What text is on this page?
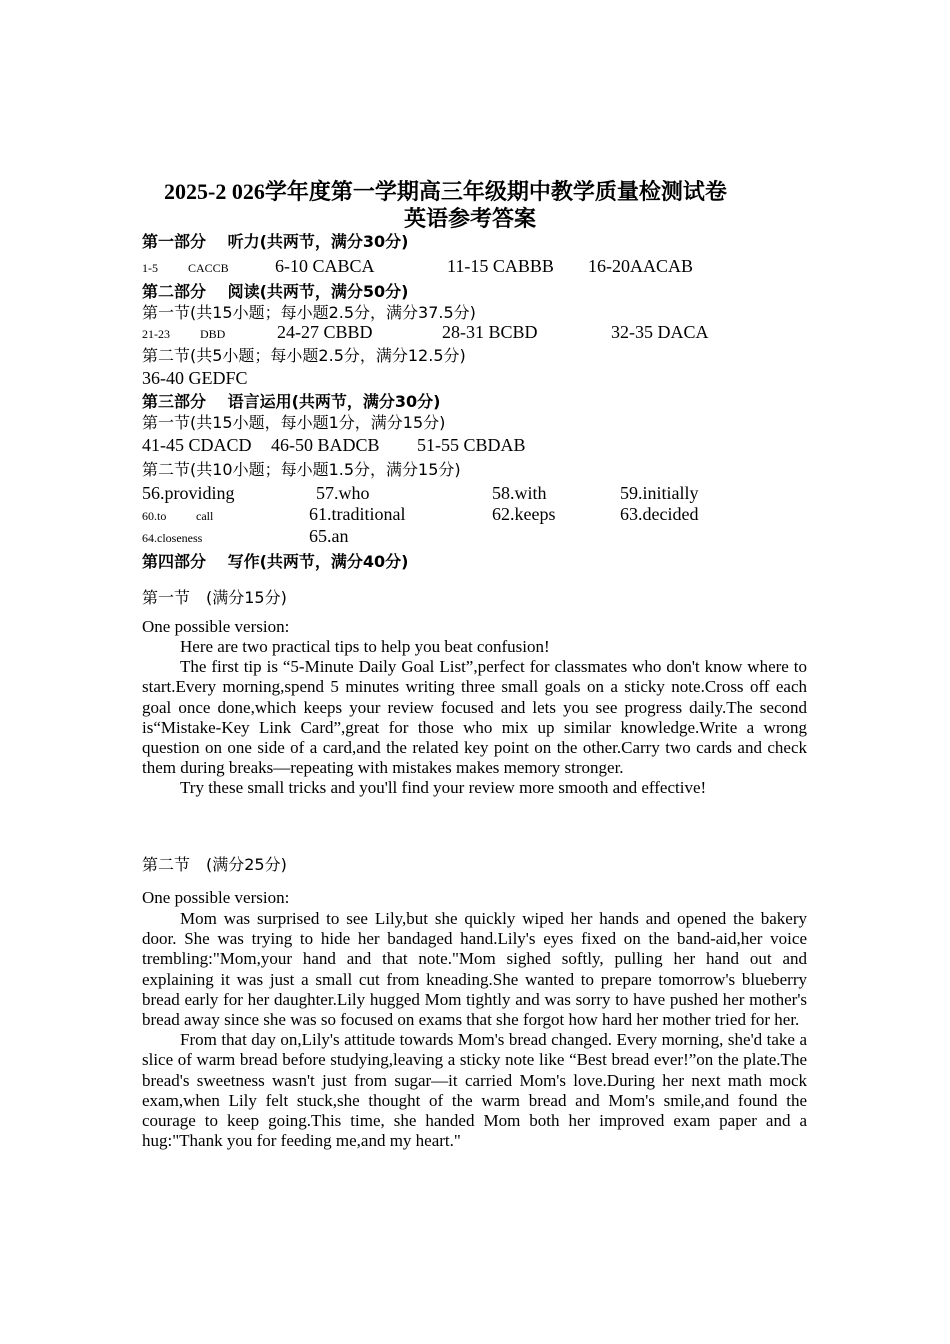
2025-2 026学年度第一学期高三年级期中教学质量检测试卷
英语参考答案
第一部分　 听力(共两节，满分30分)
1-5	CACCB	6-10 CABCA	11-15 CABBB 16-20AACAB
第二部分　 阅读(共两节，满分50分)
第一节(共15小题；每小题2.5分，满分37.5分)
21-23	DBD	24-27 CBBD	28-31 BCBD	32-35 DACA
第二节(共5小题；每小题2.5分，满分12.5分)
36-40 GEDFC
第三部分　 语言运用(共两节，满分30分)
第一节(共15小题，每小题1分，满分15分)
41-45 CDACD 46-50 BADCB 51-55 CBDAB
第二节(共10小题；每小题1.5分，满分15分)
56.providing	57.who	58.with	59.initially
60.to call	61.traditional	62.keeps	63.decided
64.closeness	65.an
第四部分　 写作(共两节，满分40分)
第一节　(满分15分)
One possible version:

Here are two practical tips to help you beat confusion!

The first tip is “5-Minute Daily Goal List”,perfect for classmates who don't know where to start.Every morning,spend 5 minutes writing three small goals on a sticky note.Cross off each goal once done,which keeps your review focused and lets you see progress daily.The second is“Mistake-Key Link Card”,great for those who mix up similar knowledge.Write a wrong question on one side of a card,and the related key point on the other.Carry two cards and check them during breaks—repeating with mistakes makes memory stronger.

Try these small tricks and you'll find your review more smooth and effective!

第二节　(满分25分)
One possible version:

Mom was surprised to see Lily,but she quickly wiped her hands and opened the bakery door. She was trying to hide her bandaged hand.Lily's eyes fixed on the band-aid,her voice trembling:"Mom,your hand and that note."Mom sighed softly, pulling her hand out and explaining it was just a small cut from kneading.She wanted to prepare tomorrow's blueberry bread early for her daughter.Lily hugged Mom tightly and was sorry to have pushed her mother's bread away since she was so focused on exams that she forgot how hard her mother tried for her.

From that day on,Lily's attitude towards Mom's bread changed. Every morning, she'd take a slice of warm bread before studying,leaving a sticky note like “Best bread ever!”on the plate.The bread's sweetness wasn't just from sugar—it carried Mom's love.During her next math mock exam,when Lily felt stuck,she thought of the warm bread and Mom's smile,and found the courage to keep going.This time, she handed Mom both her improved exam paper and a hug:"Thank you for feeding me,and my heart."
